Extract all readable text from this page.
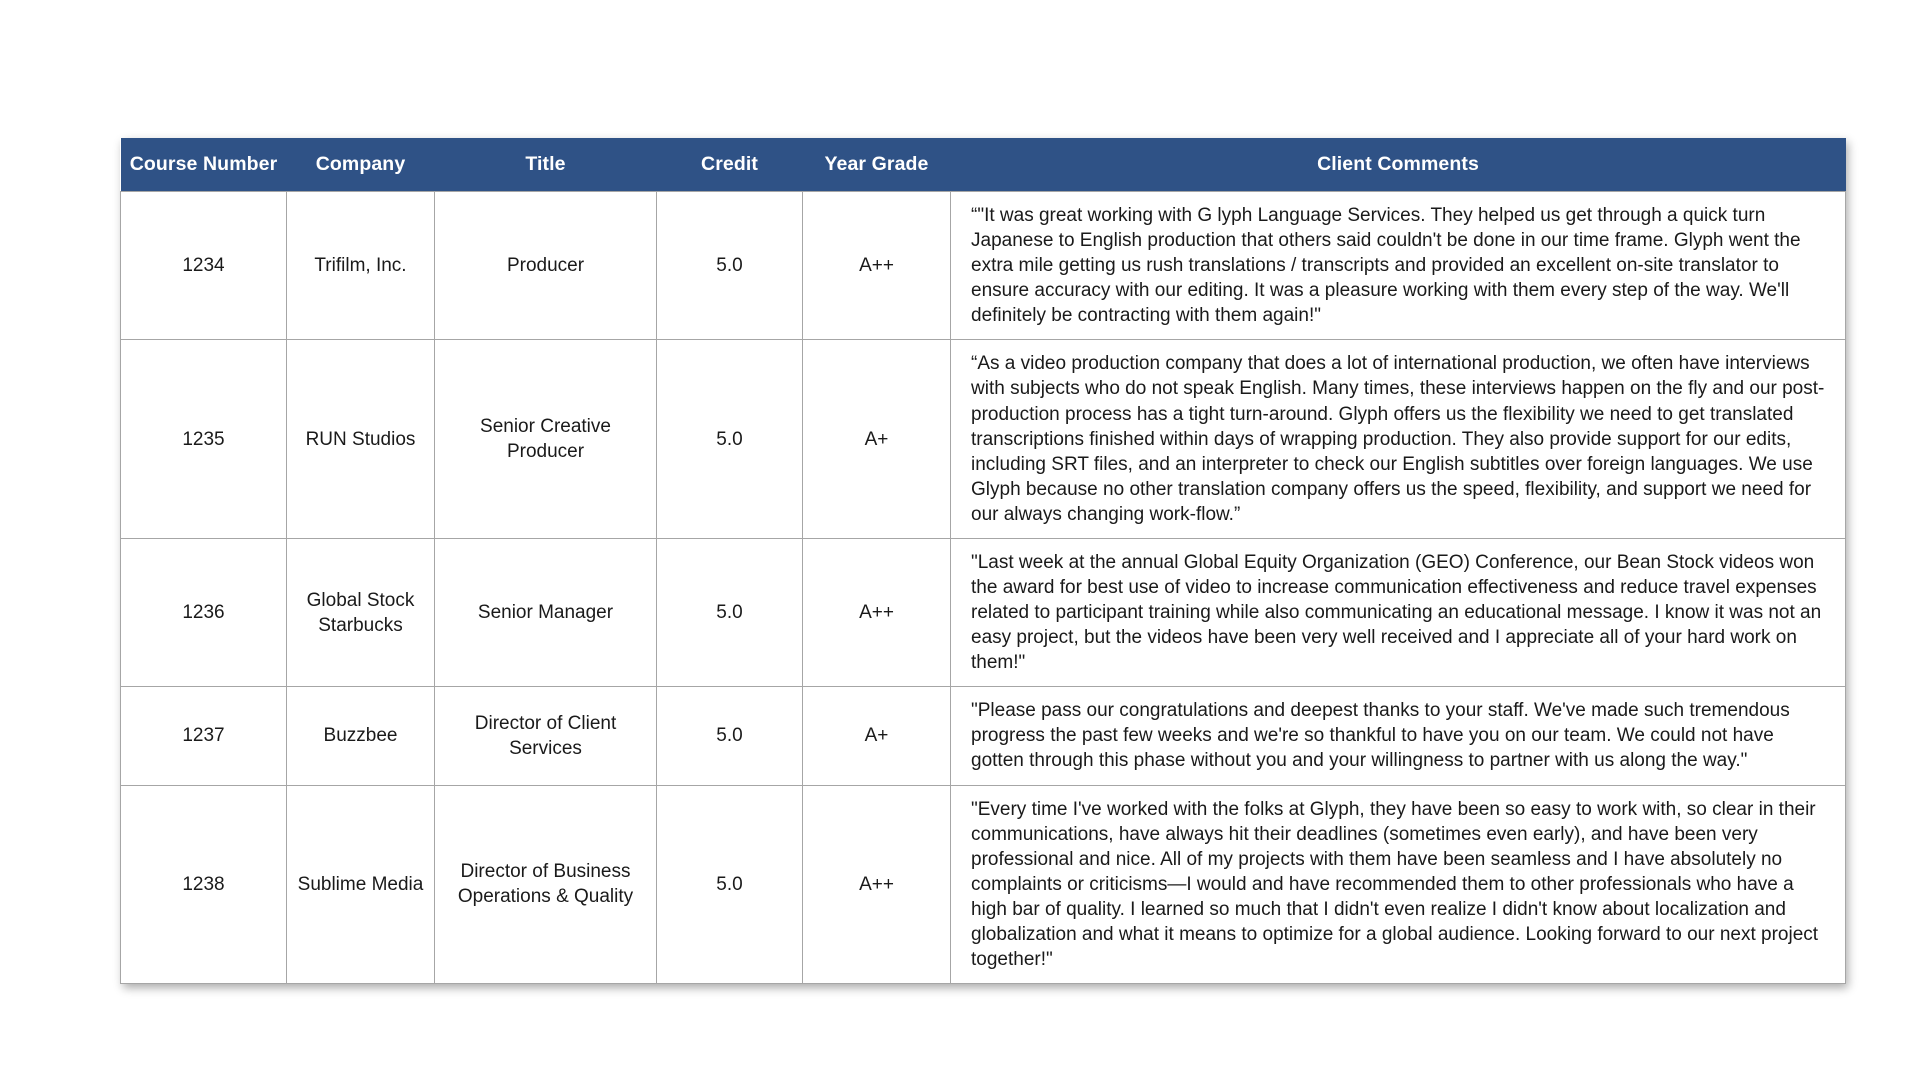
Course Number	Company	Title	Credit	Year Grade	Client Comments
1234	Trifilm, Inc.	Producer	5.0	A++	“"It was great working with G lyph Language Services. They helped us get through a quick turn Japanese to English production that others said couldn't be done in our time frame. Glyph went the extra mile getting us rush translations / transcripts and provided an excellent on-site translator to ensure accuracy with our editing. It was a pleasure working with them every step of the way. We'll definitely be contracting with them again!"
1235	RUN Studios	Senior Creative Producer	5.0	A+	“As a video production company that does a lot of international production, we often have interviews with subjects who do not speak English. Many times, these interviews happen on the fly and our post-production process has a tight turn-around. Glyph offers us the flexibility we need to get translated transcriptions finished within days of wrapping production. They also provide support for our edits, including SRT files, and an interpreter to check our English subtitles over foreign languages. We use Glyph because no other translation company offers us the speed, flexibility, and support we need for our always changing work-flow.”
1236	Global Stock Starbucks	Senior Manager	5.0	A++	"Last week at the annual Global Equity Organization (GEO) Conference, our Bean Stock videos won the award for best use of video to increase communication effectiveness and reduce travel expenses related to participant training while also communicating an educational message. I know it was not an easy project, but the videos have been very well received and I appreciate all of your hard work on them!"
1237	Buzzbee	Director of Client Services	5.0	A+	"Please pass our congratulations and deepest thanks to your staff. We've made such tremendous progress the past few weeks and we're so thankful to have you on our team. We could not have gotten through this phase without you and your willingness to partner with us along the way."
1238	Sublime Media	Director of Business Operations & Quality	5.0	A++	"Every time I've worked with the folks at Glyph, they have been so easy to work with, so clear in their communications, have always hit their deadlines (sometimes even early), and have been very professional and nice. All of my projects with them have been seamless and I have absolutely no complaints or criticisms—I would and have recommended them to other professionals who have a high bar of quality. I learned so much that I didn't even realize I didn't know about localization and globalization and what it means to optimize for a global audience. Looking forward to our next project together!"
